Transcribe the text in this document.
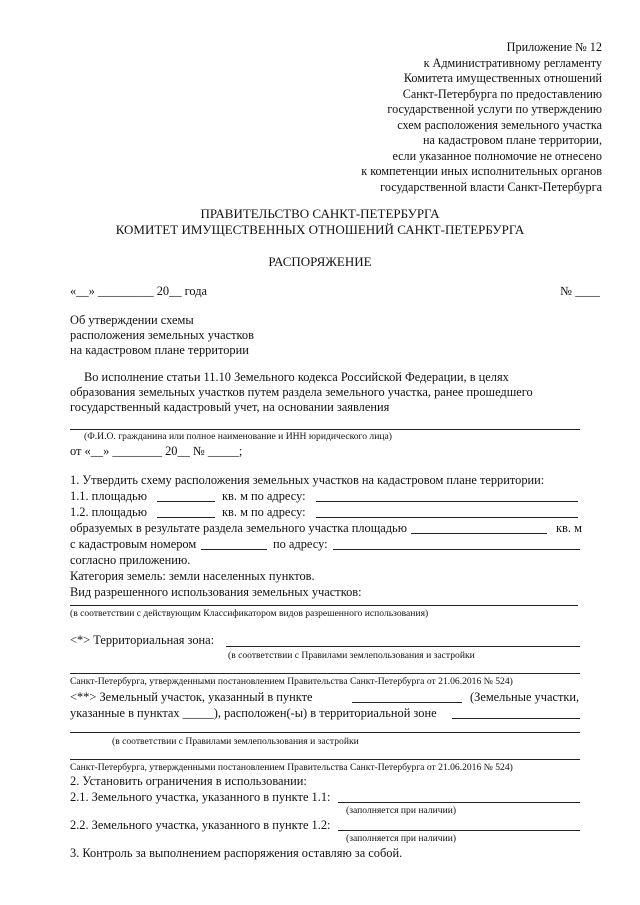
Приложение № 12
к Административному регламенту
Комитета имущественных отношений
Санкт-Петербурга по предоставлению
государственной услуги по утверждению
схем расположения земельного участка
на кадастровом плане территории,
если указанное полномочие не отнесено
к компетенции иных исполнительных органов
государственной власти Санкт-Петербурга
ПРАВИТЕЛЬСТВО САНКТ-ПЕТЕРБУРГА
КОМИТЕТ ИМУЩЕСТВЕННЫХ ОТНОШЕНИЙ САНКТ-ПЕТЕРБУРГА
РАСПОРЯЖЕНИЕ
«__» _________ 20__ года	№ ____
Об утверждении схемы
расположения земельных участков
на кадастровом плане территории
Во исполнение статьи 11.10 Земельного кодекса Российской Федерации, в целях
образования земельных участков путем раздела земельного участка, ранее прошедшего
государственный кадастровый учет, на основании заявления
(Ф.И.О. гражданина или полное наименование и ИНН юридического лица)
от «__» ________ 20__ № _____;
1. Утвердить схему расположения земельных участков на кадастровом плане территории:
1.1. площадью	кв. м по адресу:
1.2. площадью	кв. м по адресу:
образуемых в результате раздела земельного участка площадью	кв. м
с кадастровым номером	по адресу:
согласно приложению.
Категория земель: земли населенных пунктов.
Вид разрешенного использования земельных участков:
(в соответствии с действующим Классификатором видов разрешенного использования)
<*> Территориальная зона:
(в соответствии с Правилами землепользования и застройки
Санкт-Петербурга, утвержденными постановлением Правительства Санкт-Петербурга от 21.06.2016 № 524)
<**> Земельный участок, указанный в пункте	(Земельные участки,
указанные в пунктах _____), расположен(-ы) в территориальной зоне
(в соответствии с Правилами землепользования и застройки
Санкт-Петербурга, утвержденными постановлением Правительства Санкт-Петербурга от 21.06.2016 № 524)
2. Установить ограничения в использовании:
2.1. Земельного участка, указанного в пункте 1.1:
(заполняется при наличии)
2.2. Земельного участка, указанного в пункте 1.2:
(заполняется при наличии)
3. Контроль за выполнением распоряжения оставляю за собой.
